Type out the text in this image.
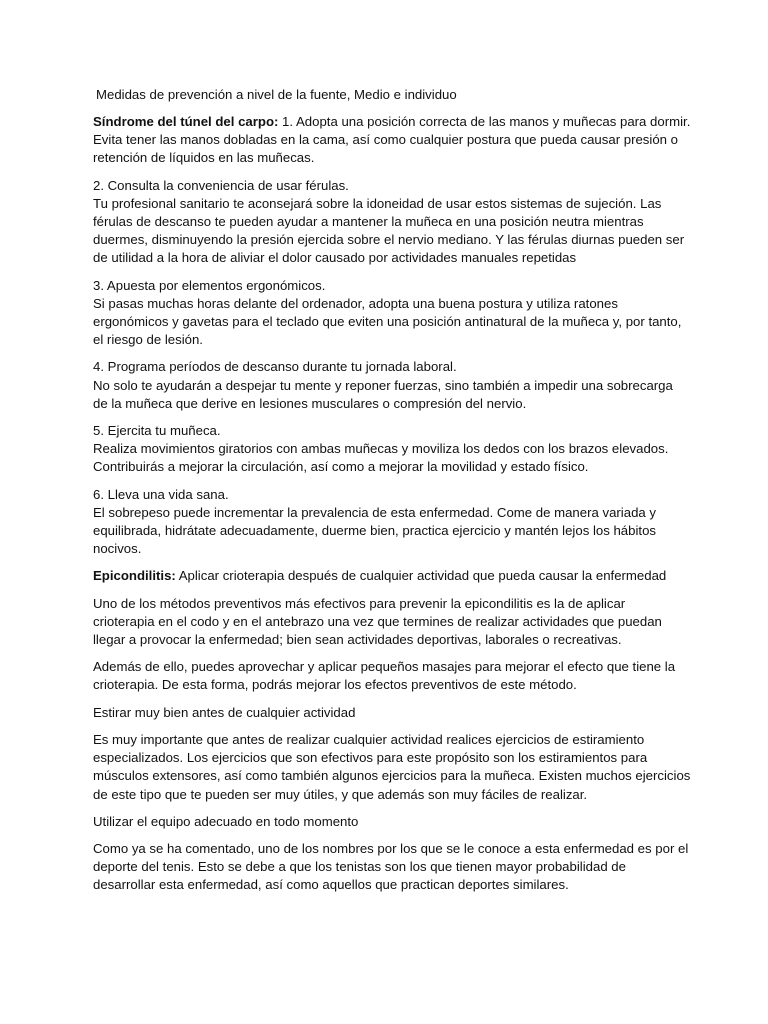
Medidas de prevención a nivel de la fuente, Medio e individuo
Síndrome del túnel del carpo: 1. Adopta una posición correcta de las manos y muñecas para dormir.
Evita tener las manos dobladas en la cama, así como cualquier postura que pueda causar presión o
retención de líquidos en las muñecas.
2. Consulta la conveniencia de usar férulas.
Tu profesional sanitario te aconsejará sobre la idoneidad de usar estos sistemas de sujeción. Las
férulas de descanso te pueden ayudar a mantener la muñeca en una posición neutra mientras
duermes, disminuyendo la presión ejercida sobre el nervio mediano. Y las férulas diurnas pueden ser
de utilidad a la hora de aliviar el dolor causado por actividades manuales repetidas
3. Apuesta por elementos ergonómicos.
Si pasas muchas horas delante del ordenador, adopta una buena postura y utiliza ratones
ergonómicos y gavetas para el teclado que eviten una posición antinatural de la muñeca y, por tanto,
el riesgo de lesión.
4. Programa períodos de descanso durante tu jornada laboral.
No solo te ayudarán a despejar tu mente y reponer fuerzas, sino también a impedir una sobrecarga
de la muñeca que derive en lesiones musculares o compresión del nervio.
5. Ejercita tu muñeca.
Realiza movimientos giratorios con ambas muñecas y moviliza los dedos con los brazos elevados.
Contribuirás a mejorar la circulación, así como a mejorar la movilidad y estado físico.
6. Lleva una vida sana.
El sobrepeso puede incrementar la prevalencia de esta enfermedad. Come de manera variada y
equilibrada, hidrátate adecuadamente, duerme bien, practica ejercicio y mantén lejos los hábitos
nocivos.
Epicondilitis: Aplicar crioterapia después de cualquier actividad que pueda causar la enfermedad
Uno de los métodos preventivos más efectivos para prevenir la epicondilitis es la de aplicar
crioterapia en el codo y en el antebrazo una vez que termines de realizar actividades que puedan
llegar a provocar la enfermedad; bien sean actividades deportivas, laborales o recreativas.
Además de ello, puedes aprovechar y aplicar pequeños masajes para mejorar el efecto que tiene la
crioterapia. De esta forma, podrás mejorar los efectos preventivos de este método.
Estirar muy bien antes de cualquier actividad
Es muy importante que antes de realizar cualquier actividad realices ejercicios de estiramiento
especializados. Los ejercicios que son efectivos para este propósito son los estiramientos para
músculos extensores, así como también algunos ejercicios para la muñeca. Existen muchos ejercicios
de este tipo que te pueden ser muy útiles, y que además son muy fáciles de realizar.
Utilizar el equipo adecuado en todo momento
Como ya se ha comentado, uno de los nombres por los que se le conoce a esta enfermedad es por el
deporte del tenis. Esto se debe a que los tenistas son los que tienen mayor probabilidad de
desarrollar esta enfermedad, así como aquellos que practican deportes similares.
